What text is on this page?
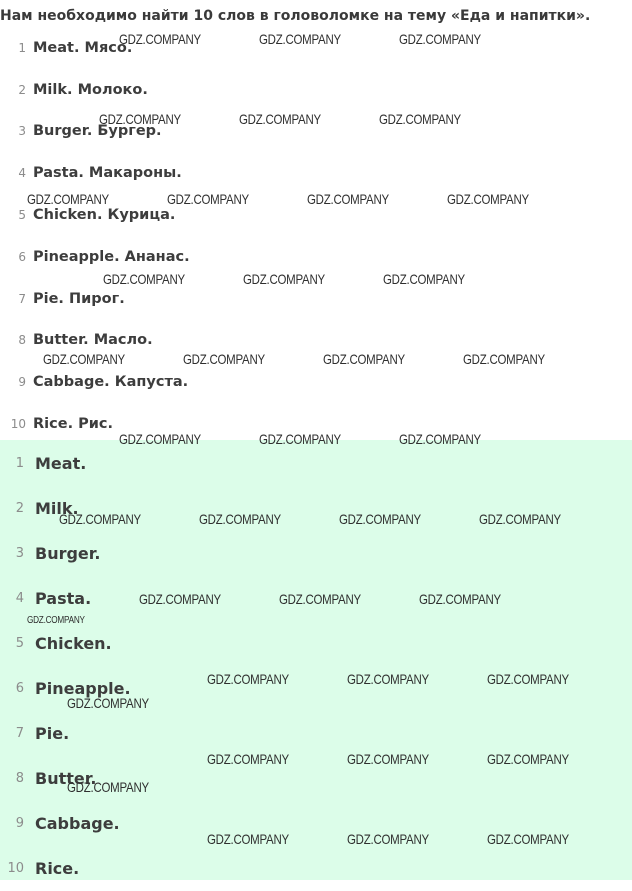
Нам необходимо найти 10 слов в головоломке на тему «Еда и напитки».
1 Meat. Мясо.
2 Milk. Молоко.
3 Burger. Бургер.
4 Pasta. Макароны.
5 Chicken. Курица.
6 Pineapple. Ананас.
7 Pie. Пирог.
8 Butter. Масло.
9 Cabbage. Капуста.
10 Rice. Рис.
1 Meat.
2 Milk.
3 Burger.
4 Pasta.
5 Chicken.
6 Pineapple.
7 Pie.
8 Butter.
9 Cabbage.
10 Rice.
GDZ.COMPANY	GDZ.COMPANY	GDZ.COMPANY
GDZ.COMPANY	GDZ.COMPANY	GDZ.COMPANY
GDZ.COMPANY	GDZ.COMPANY	GDZ.COMPANY	GDZ.COMPANY
GDZ.COMPANY	GDZ.COMPANY	GDZ.COMPANY
GDZ.COMPANY	GDZ.COMPANY	GDZ.COMPANY	GDZ.COMPANY
GDZ.COMPANY	GDZ.COMPANY	GDZ.COMPANY
GDZ.COMPANY	GDZ.COMPANY	GDZ.COMPANY	GDZ.COMPANY
GDZ.COMPANY	GDZ.COMPANY	GDZ.COMPANY
GDZ.COMPANY
GDZ.COMPANY	GDZ.COMPANY	GDZ.COMPANY
GDZ.COMPANY
GDZ.COMPANY	GDZ.COMPANY	GDZ.COMPANY
GDZ.COMPANY
GDZ.COMPANY	GDZ.COMPANY	GDZ.COMPANY
